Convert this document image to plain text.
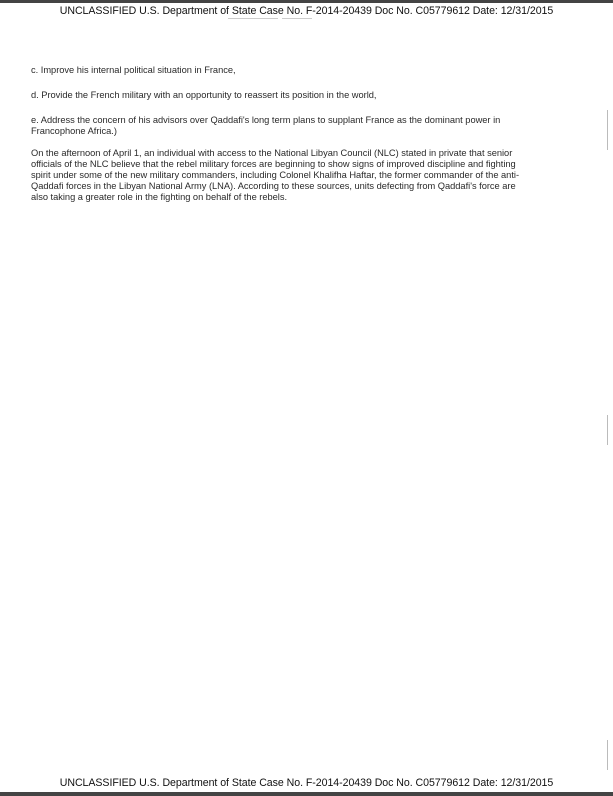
UNCLASSIFIED U.S. Department of State Case No. F-2014-20439 Doc No. C05779612 Date: 12/31/2015
c. Improve his internal political situation in France,
d. Provide the French military with an opportunity to reassert its position in the world,
e. Address the concern of his advisors over Qaddafi's long term plans to supplant France as the dominant power in
Francophone Africa.)
On the afternoon of April 1, an individual with access to the National Libyan Council (NLC) stated in private that senior
officials of the NLC believe that the rebel military forces are beginning to show signs of improved discipline and fighting
spirit under some of the new military commanders, including Colonel Khalifha Haftar, the former commander of the anti-
Qaddafi forces in the Libyan National Army (LNA). According to these sources, units defecting from Qaddafi's force are
also taking a greater role in the fighting on behalf of the rebels.
UNCLASSIFIED U.S. Department of State Case No. F-2014-20439 Doc No. C05779612 Date: 12/31/2015
